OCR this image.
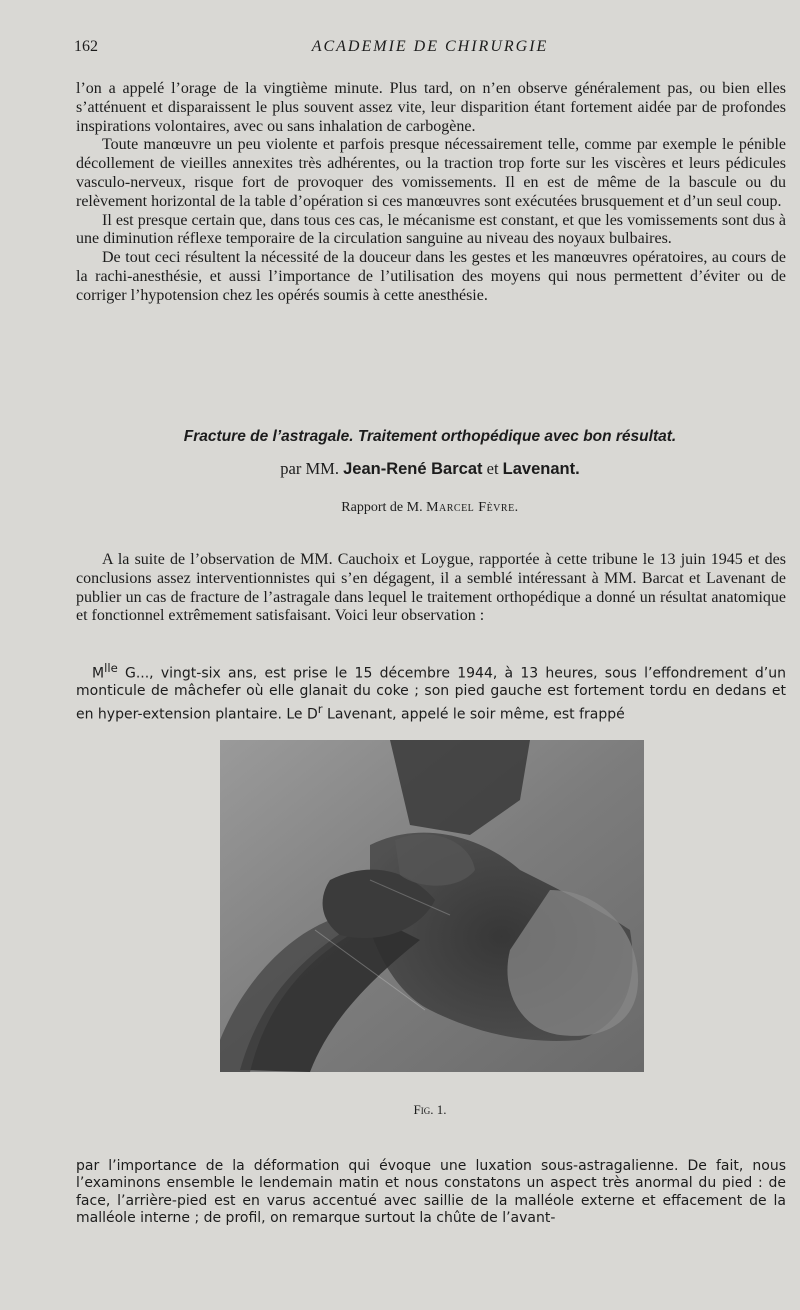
162	ACADEMIE DE CHIRURGIE

l’on a appelé l’orage de la vingtième minute. Plus tard, on n’en observe généralement pas, ou bien elles s’atténuent et disparaissent le plus souvent assez vite, leur disparition étant fortement aidée par de profondes inspirations volontaires, avec ou sans inhalation de carbogène.

Toute manœuvre un peu violente et parfois presque nécessairement telle, comme par exemple le pénible décollement de vieilles annexites très adhérentes, ou la traction trop forte sur les viscères et leurs pédicules vasculo-nerveux, risque fort de provoquer des vomissements. Il en est de même de la bascule ou du relèvement horizontal de la table d’opération si ces manœuvres sont exécutées brusquement et d’un seul coup.

Il est presque certain que, dans tous ces cas, le mécanisme est constant, et que les vomissements sont dus à une diminution réflexe temporaire de la circulation sanguine au niveau des noyaux bulbaires.

De tout ceci résultent la nécessité de la douceur dans les gestes et les manœuvres opératoires, au cours de la rachi-anesthésie, et aussi l’importance de l’utilisation des moyens qui nous permettent d’éviter ou de corriger l’hypotension chez les opérés soumis à cette anesthésie.

Fracture de l’astragale. Traitement orthopédique avec bon résultat.
par MM. Jean-René Barcat et Lavenant.
Rapport de M. Marcel Fèvre.

A la suite de l’observation de MM. Cauchoix et Loygue, rapportée à cette tribune le 13 juin 1945 et des conclusions assez interventionnistes qui s’en dégagent, il a semblé intéressant à MM. Barcat et Lavenant de publier un cas de fracture de l’astragale dans lequel le traitement orthopédique a donné un résultat anatomique et fonctionnel extrêmement satisfaisant. Voici leur observation :

$M^{lle}$ G..., vingt-six ans, est prise le 15 décembre 1944, à 13 heures, sous l’effondrement d’un monticule de mâchefer où elle glanait du coke ; son pied gauche est fortement tordu en dedans et en hyper-extension plantaire. Le $D^r$ Lavenant, appelé le soir même, est frappé
Fig. 1.

par l’importance de la déformation qui évoque une luxation sous-astragalienne. De fait, nous l’examinons ensemble le lendemain matin et nous constatons un aspect très anormal du pied : de face, l’arrière-pied est en varus accentué avec saillie de la malléole externe et effacement de la malléole interne ; de profil, on remarque surtout la chûte de l’avant-
